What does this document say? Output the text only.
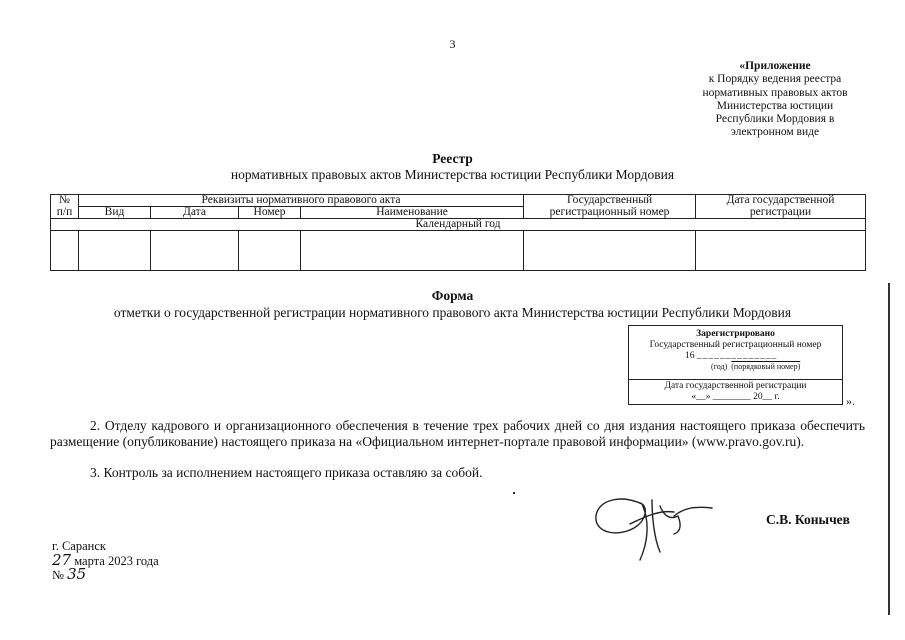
3
«Приложение
к Порядку ведения реестра
нормативных правовых актов
Министерства юстиции
Республики Мордовия в
электронном виде
Реестр
нормативных правовых актов Министерства юстиции Республики Мордовия
№	Реквизиты нормативного правового акта				Государственный	Дата государственной
п/п	Вид	Дата	Номер	Наименование	регистрационный номер	регистрации
Календарный год						

Форма
отметки о государственной регистрации нормативного правового акта Министерства юстиции Республики Мордовия
Зарегистрировано
Государственный регистрационный номер
16 ______________
(год) (порядковый номер)
Дата государственной регистрации
«__» ________ 20__ г.	».
2. Отделу кадрового и организационного обеспечения в течение трех рабочих дней со дня издания настоящего приказа обеспечить размещение (опубликование) настоящего приказа на «Официальном интернет-портале правовой информации» (www.pravo.gov.ru).
3. Контроль за исполнением настоящего приказа оставляю за собой.
С.В. Конычев
г. Саранск
27 марта 2023 года
№ 35
